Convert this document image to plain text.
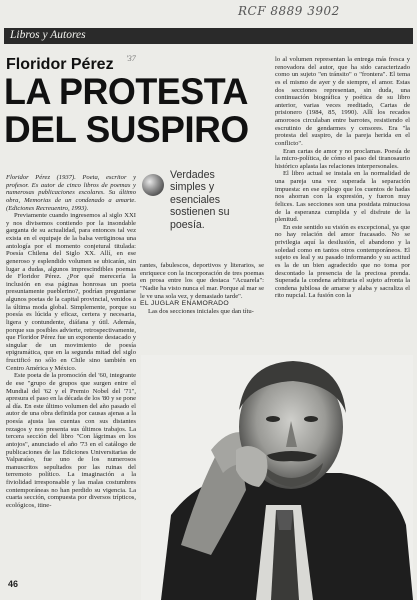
RCF 8889 3902
Libros y Autores
Floridor Pérez '37
LA PROTESTA
DEL SUSPIRO
Verdades simples y esenciales sostienen su poesía.

Floridor Pérez (1937). Poeta, escritor y profesor. Es autor de cinco libros de poemas y numerosas publicaciones escolares. Su último obra, Memorias de un condenado a amarte. (Ediciones Recreuentro, 1993).

Previamente cuando ingresemos al siglo XXI y nos divisemos contiendo por la insondable garganta de su actualidad, para entonces tal vez exista en el equipaje de la balsa vertiginosa una antología por el momento conjetural titulada: Poesía Chilena del Siglo XX. Allí, en ese generoso y esplendido volumen se ubicarán, sin lugar a dudas, algunos imprescindibles poemas de Floridor Pérez. ¿Por qué merecería la inclusión en esa páginas honrosas un poeta presuntamente pueblerino?, podrían preguntarse algunos poetas de la capital provincial, venidos a la última moda global. Simplemente, porque su poesía es lúcida y eficaz, certera y necesaria, ligera y contundente, diáfana y útil. Además, porque sus posibles advierte, retrospectivamente, que Floridor Pérez fue un exponente destacado y singular de un movimiento de poesía epigramática, que en la segunda mitad del siglo fructificó no sólo en Chile sino también en Centro América y México.

Este poeta de la promoción del '60, integrante de ese "grupo de grupos que surgen entre el Mundial del '62 y el Premio Nobel del '71", apresura el paso en la década de los '80 y se pone al día. En este último volumen del año pasado el autor de una obra definida por causas ajenas a la poesía ajusta las cuentas con sus distantes rezagos y nos presenta sus últimos trabajos. La tercera sección del libro "Con lágrimas en los antojos", anunciado el año '73 en el catálogo de publicaciones de las Ediciones Universitarias de Valparaíso, fue uno de los numerosos manuscritos sepultados por las ruinas del terremoto político. La imaginación a la fiviolidad irresponsable y las malas costumbres contemporáneas no han perdido su vigencia. La cuarta sección, compuesta por diversos trípticos, ecológicos, itine-

rantes, fabulescos, deportivos y literarios, se enriquece con la incorporación de tres poemas en prosa entre los que destaca "Acuarela": "Nadie ha visto nunca el mar. Porque al mar se le ve una sola vez, y demasiado tarde".

EL JUGLAR ENAMORADO

Las dos secciones iniciales que dan títu-

lo al volumen representan la entrega más fresca y renovadora del autor, que ha sido caracterizado como un sujeto "en tránsito" o "frontera". El tema es el mismo de ayer y de siempre, el amor. Estas dos secciones representan, sin duda, una continuación biográfica y poética de su libro anterior, varias veces reeditado, Cartas de prisionero (1984, 85, 1990). Allí los recados amorosos circulaban entre barrotes, resistiendo el escrutinio de gendarmes y censores. Era "la protesta del suspiro, de la pareja herida en el conflicto".

Eran cartas de amor y no proclamas. Poesía de la micro-política, de cómo el paso del tiranosaurio histórico aplasta las relaciones interpersonales.

El libro actual se instala en la normalidad de una pareja una vez superada la separación impuesta: en ese epílogo que los cuentos de hadas nos ahorran con la expresión, y fueron muy felices. Las secciones son una postdata minuciosa de la esperanza cumplida y el disfrute de la plenitud.

En este sentido su visión es excepcional, ya que no hay relación del amor fracasado. No se privilegia aquí la desilusión, el abandono y la soledad como en tantos otros contemporáneos. El sujeto es leal y su pasado informando y su actitud es la de un bien agradecido que no toma por descontado la presencia de la preciosa prenda. Superada la condena arbitraria el sujeto afronta la condena jubilosa de amarse y alaba y sacraliza el rito nupcial. La fusión con la

46
